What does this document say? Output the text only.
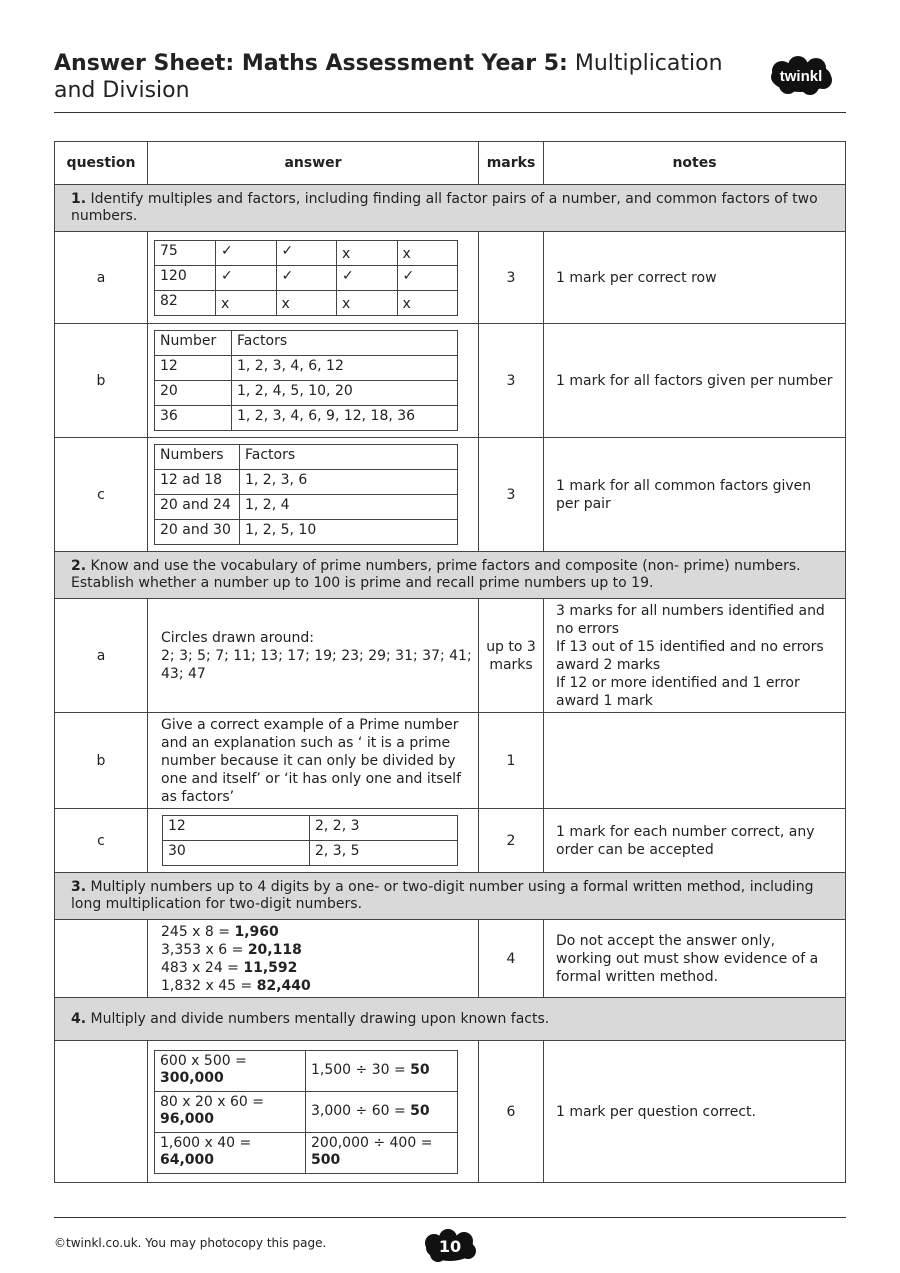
Answer Sheet: Maths Assessment Year 5: Multiplication and Division
twinkl
question	answer	marks	notes
1. Identify multiples and factors, including finding all factor pairs of a number, and common factors of two numbers.
a	
75	✓	✓	x	x
120	✓	✓	✓	✓
82	x	x	x	x
	3	1 mark per correct row
b	
Number	Factors
12	1, 2, 3, 4, 6, 12
20	1, 2, 4, 5, 10, 20
36	1, 2, 3, 4, 6, 9, 12, 18, 36
	3	1 mark for all factors given per number
c	
Numbers	Factors
12 ad 18	1, 2, 3, 6
20 and 24	1, 2, 4
20 and 30	1, 2, 5, 10
	3	1 mark for all common factors given per pair
2. Know and use the vocabulary of prime numbers, prime factors and composite (non- prime) numbers. Establish whether a number up to 100 is prime and recall prime numbers up to 19.
a	
Circles drawn around:
2; 3; 5; 7; 11; 13; 17; 19; 23; 29; 31; 37; 41; 43; 47
	up to 3 marks	3 marks for all numbers identified and no errors
If 13 out of 15 identified and no errors award 2 marks
If 12 or more identified and 1 error award 1 mark
b	Give a correct example of a Prime number and an explanation such as ‘ it is a prime number because it can only be divided by one and itself’ or ‘it has only one and itself as factors’	1	
c	
12	2, 2, 3
30	2, 3, 5
	2	1 mark for each number correct, any order can be accepted
3. Multiply numbers up to 4 digits by a one- or two-digit number using a formal written method, including long multiplication for two-digit numbers.

245 x 8 = 1,960
3,353 x 6 = 20,118
483 x 24 = 11,592
1,832 x 45 = 82,440
	4	Do not accept the answer only, working out must show evidence of a formal written method.
4. Multiply and divide numbers mentally drawing upon known facts.

600 x 500 = 300,000	1,500 ÷ 30 = 50
80 x 20 x 60 = 96,000	3,000 ÷ 60 = 50
1,600 x 40 = 64,000	200,000 ÷ 400 = 500
	6	1 mark per question correct.
©twinkl.co.uk. You may photocopy this page.	10
